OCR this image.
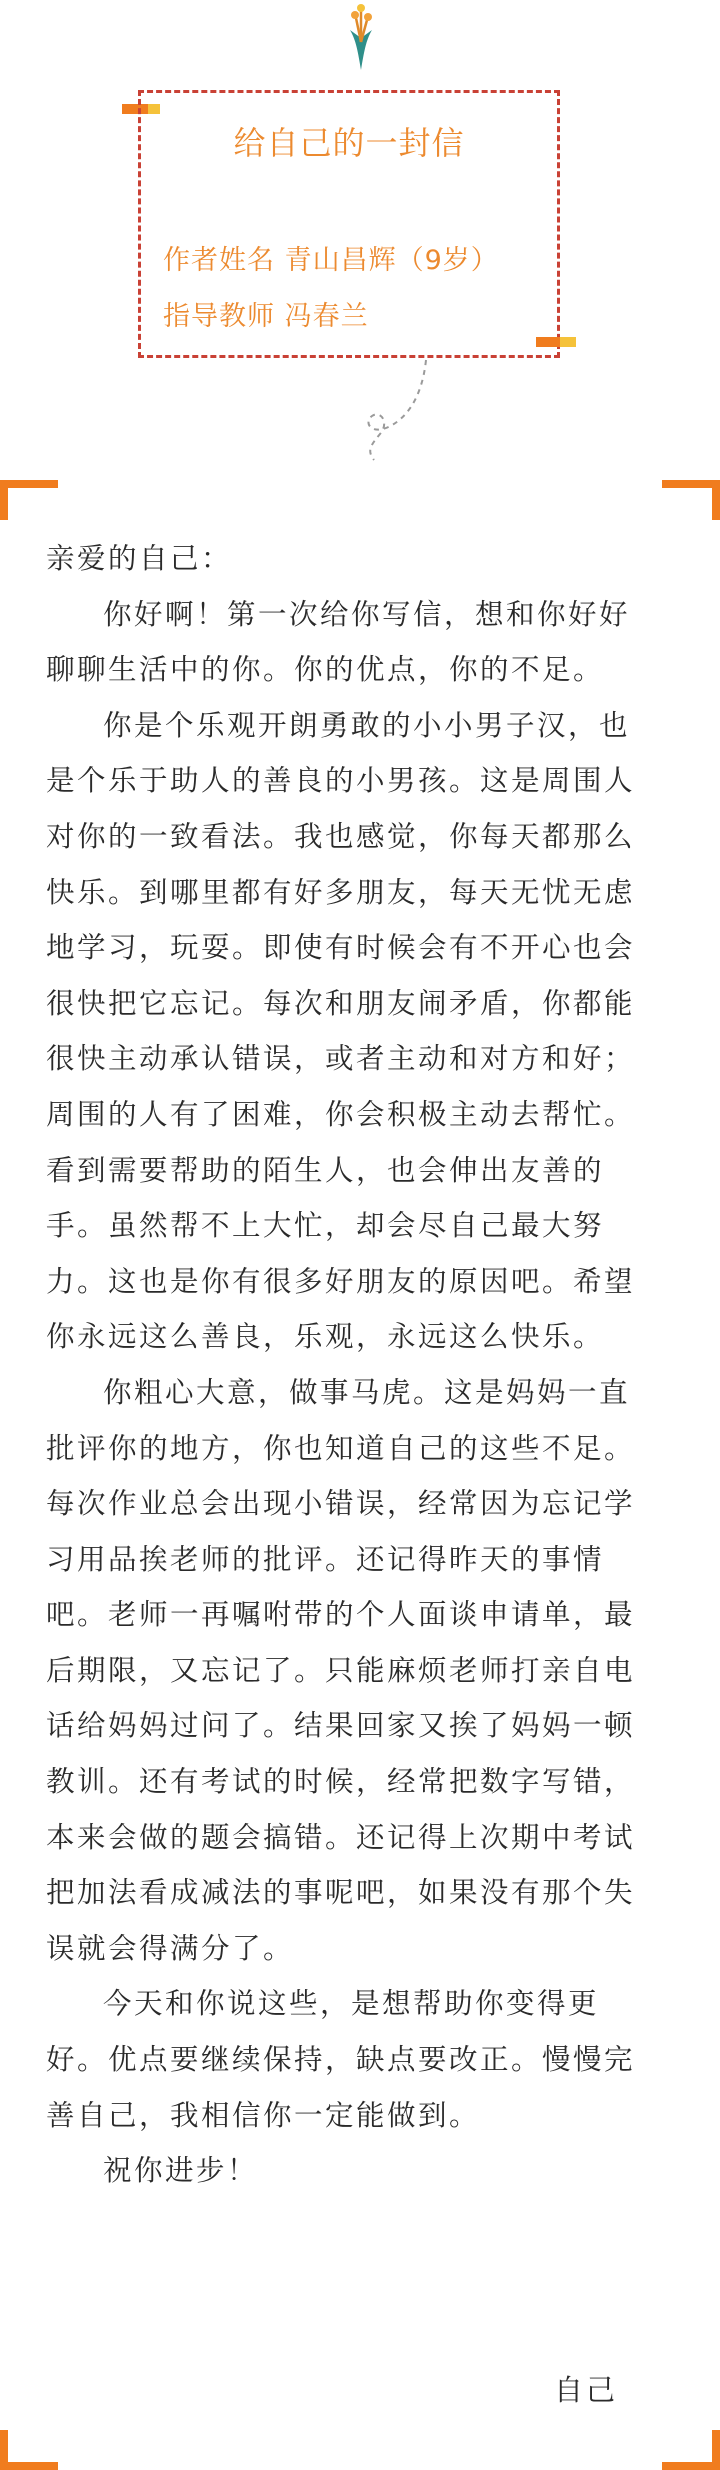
给自己的一封信
作者姓名 青山昌辉（9岁）
指导教师 冯春兰

亲爱的自己：

你好啊！第一次给你写信，想和你好好聊聊生活中的你。你的优点，你的不足。

你是个乐观开朗勇敢的小小男子汉，也是个乐于助人的善良的小男孩。这是周围人对你的一致看法。我也感觉，你每天都那么快乐。到哪里都有好多朋友，每天无忧无虑地学习，玩耍。即使有时候会有不开心也会很快把它忘记。每次和朋友闹矛盾，你都能很快主动承认错误，或者主动和对方和好；周围的人有了困难，你会积极主动去帮忙。看到需要帮助的陌生人，也会伸出友善的手。虽然帮不上大忙，却会尽自己最大努力。这也是你有很多好朋友的原因吧。希望你永远这么善良，乐观，永远这么快乐。

你粗心大意，做事马虎。这是妈妈一直批评你的地方，你也知道自己的这些不足。每次作业总会出现小错误，经常因为忘记学习用品挨老师的批评。还记得昨天的事情吧。老师一再嘱咐带的个人面谈申请单，最后期限，又忘记了。只能麻烦老师打亲自电话给妈妈过问了。结果回家又挨了妈妈一顿教训。还有考试的时候，经常把数字写错，本来会做的题会搞错。还记得上次期中考试把加法看成减法的事呢吧，如果没有那个失误就会得满分了。

今天和你说这些，是想帮助你变得更好。优点要继续保持，缺点要改正。慢慢完善自己，我相信你一定能做到。

祝你进步！

自己
